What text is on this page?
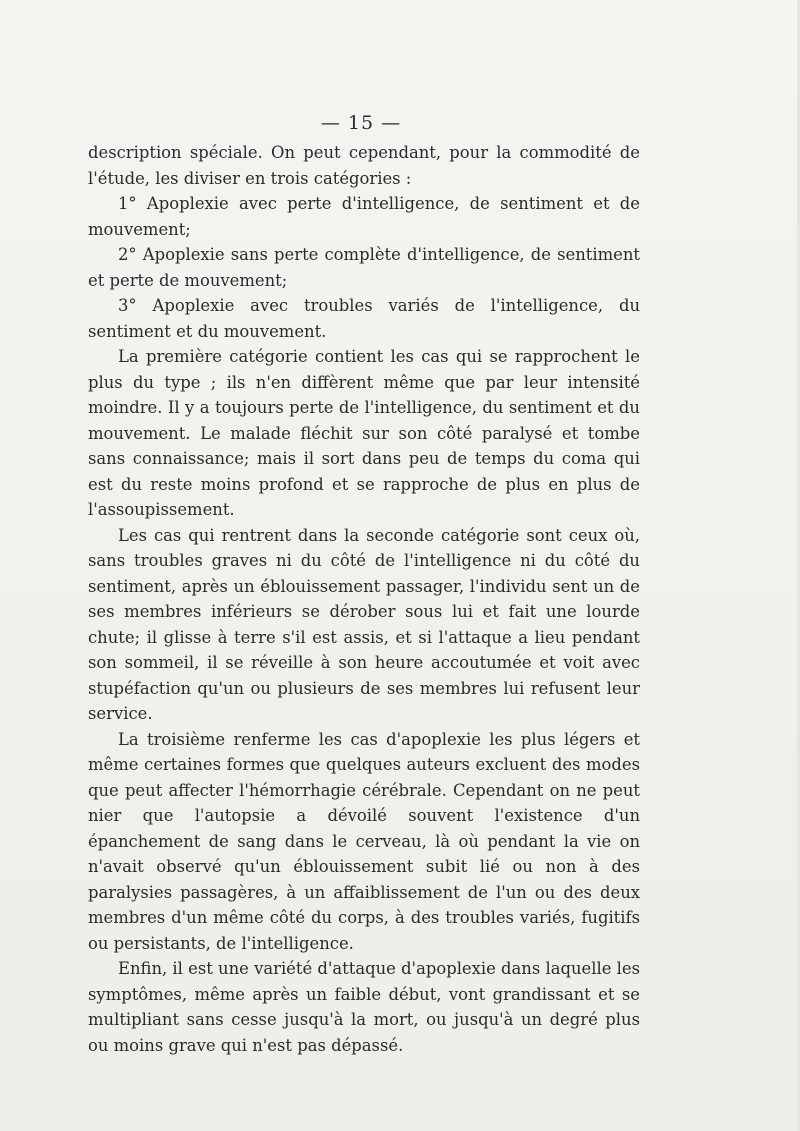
— 15 —

description spéciale. On peut cependant, pour la commodité de l'étude, les diviser en trois catégories :

1° Apoplexie avec perte d'intelligence, de sentiment et de mouvement;

2° Apoplexie sans perte complète d'intelligence, de sentiment et perte de mouvement;

3° Apoplexie avec troubles variés de l'intelligence, du sentiment et du mouvement.

La première catégorie contient les cas qui se rapprochent le plus du type ; ils n'en diffèrent même que par leur intensité moindre. Il y a toujours perte de l'intelligence, du sentiment et du mouvement. Le malade fléchit sur son côté paralysé et tombe sans connaissance; mais il sort dans peu de temps du coma qui est du reste moins profond et se rapproche de plus en plus de l'assoupissement.

Les cas qui rentrent dans la seconde catégorie sont ceux où, sans troubles graves ni du côté de l'intelligence ni du côté du sentiment, après un éblouissement passager, l'individu sent un de ses membres inférieurs se dérober sous lui et fait une lourde chute; il glisse à terre s'il est assis, et si l'attaque a lieu pendant son sommeil, il se réveille à son heure accoutumée et voit avec stupéfaction qu'un ou plusieurs de ses membres lui refusent leur service.

La troisième renferme les cas d'apoplexie les plus légers et même certaines formes que quelques auteurs excluent des modes que peut affecter l'hémorrhagie cérébrale. Cependant on ne peut nier que l'autopsie a dévoilé souvent l'existence d'un épanchement de sang dans le cerveau, là où pendant la vie on n'avait observé qu'un éblouissement subit lié ou non à des paralysies passagères, à un affaiblissement de l'un ou des deux membres d'un même côté du corps, à des troubles variés, fugitifs ou persistants, de l'intelligence.

Enfin, il est une variété d'attaque d'apoplexie dans laquelle les symptômes, même après un faible début, vont grandissant et se multipliant sans cesse jusqu'à la mort, ou jusqu'à un degré plus ou moins grave qui n'est pas dépassé.
